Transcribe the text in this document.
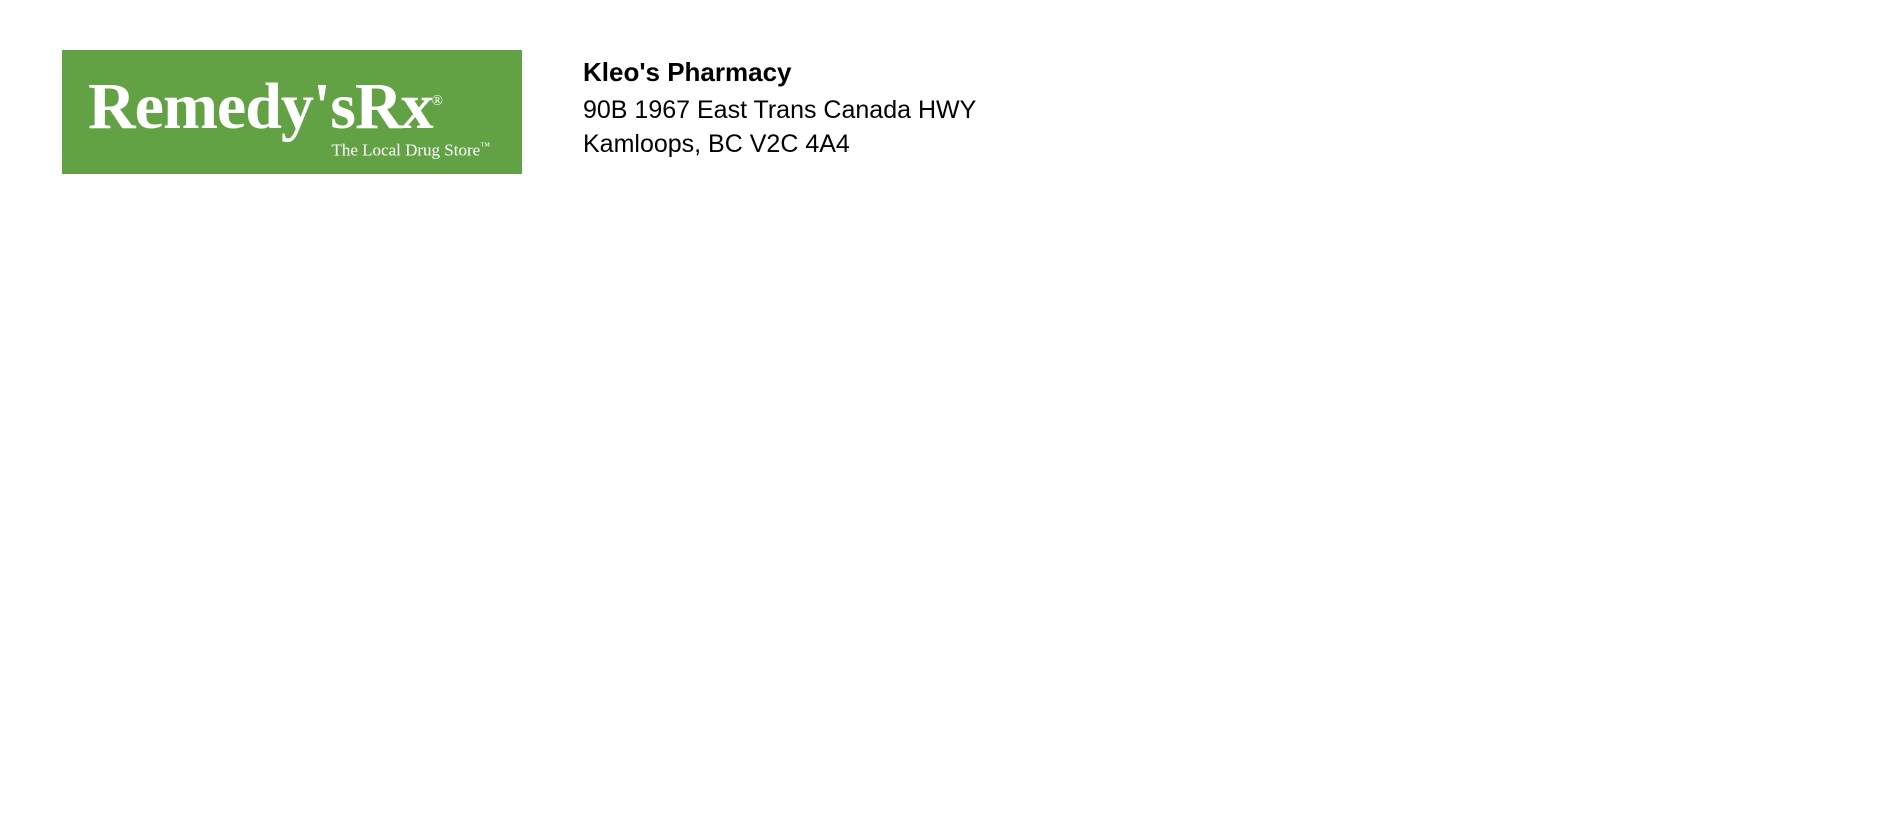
Remedy'sRx®
The Local Drug Store™
Kleo's Pharmacy
90B 1967 East Trans Canada HWY
Kamloops, BC V2C 4A4
